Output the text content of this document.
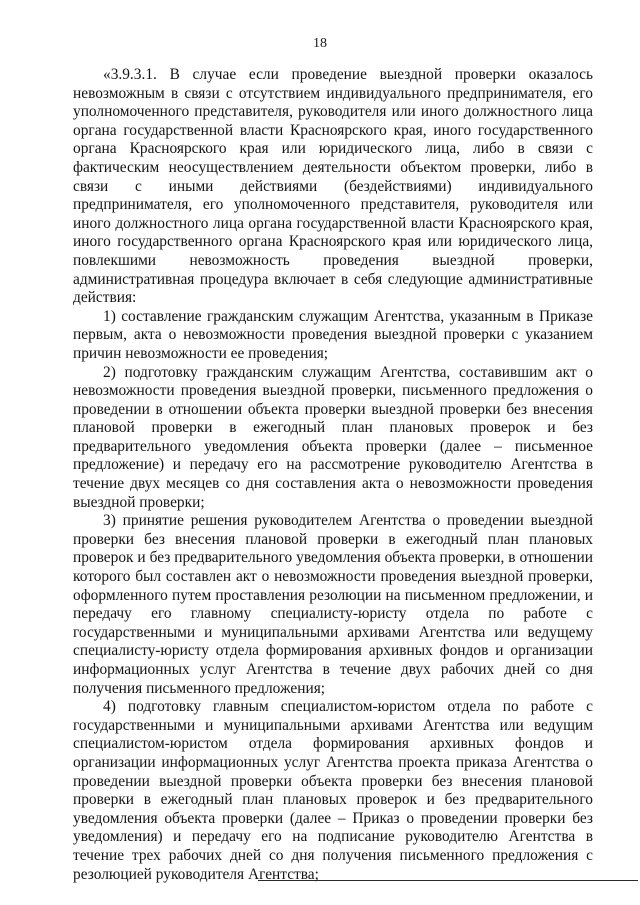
18

«3.9.3.1. В случае если проведение выездной проверки оказалось невозможным в связи с отсутствием индивидуального предпринимателя, его уполномоченного представителя, руководителя или иного должностного лица органа государственной власти Красноярского края, иного государственного органа Красноярского края или юридического лица, либо в связи с фактическим неосуществлением деятельности объектом проверки, либо в связи с иными действиями (бездействиями) индивидуального предпринимателя, его уполномоченного представителя, руководителя или иного должностного лица органа государственной власти Красноярского края, иного государственного органа Красноярского края или юридического лица, повлекшими невозможность проведения выездной проверки, административная процедура включает в себя следующие административные действия:

1) составление гражданским служащим Агентства, указанным в Приказе первым, акта о невозможности проведения выездной проверки с указанием причин невозможности ее проведения;

2) подготовку гражданским служащим Агентства, составившим акт о невозможности проведения выездной проверки, письменного предложения о проведении в отношении объекта проверки выездной проверки без внесения плановой проверки в ежегодный план плановых проверок и без предварительного уведомления объекта проверки (далее – письменное предложение) и передачу его на рассмотрение руководителю Агентства в течение двух месяцев со дня составления акта о невозможности проведения выездной проверки;

3) принятие решения руководителем Агентства о проведении выездной проверки без внесения плановой проверки в ежегодный план плановых проверок и без предварительного уведомления объекта проверки, в отношении которого был составлен акт о невозможности проведения выездной проверки, оформленного путем проставления резолюции на письменном предложении, и передачу его главному специалисту-юристу отдела по работе с государственными и муниципальными архивами Агентства или ведущему специалисту-юристу отдела формирования архивных фондов и организации информационных услуг Агентства в течение двух рабочих дней со дня получения письменного предложения;

4) подготовку главным специалистом-юристом отдела по работе с государственными и муниципальными архивами Агентства или ведущим специалистом-юристом отдела формирования архивных фондов и организации информационных услуг Агентства проекта приказа Агентства о проведении выездной проверки объекта проверки без внесения плановой проверки в ежегодный план плановых проверок и без предварительного уведомления объекта проверки (далее – Приказ о проведении проверки без уведомления) и передачу его на подписание руководителю Агентства в течение трех рабочих дней со дня получения письменного предложения с резолюцией руководителя Агентства;
